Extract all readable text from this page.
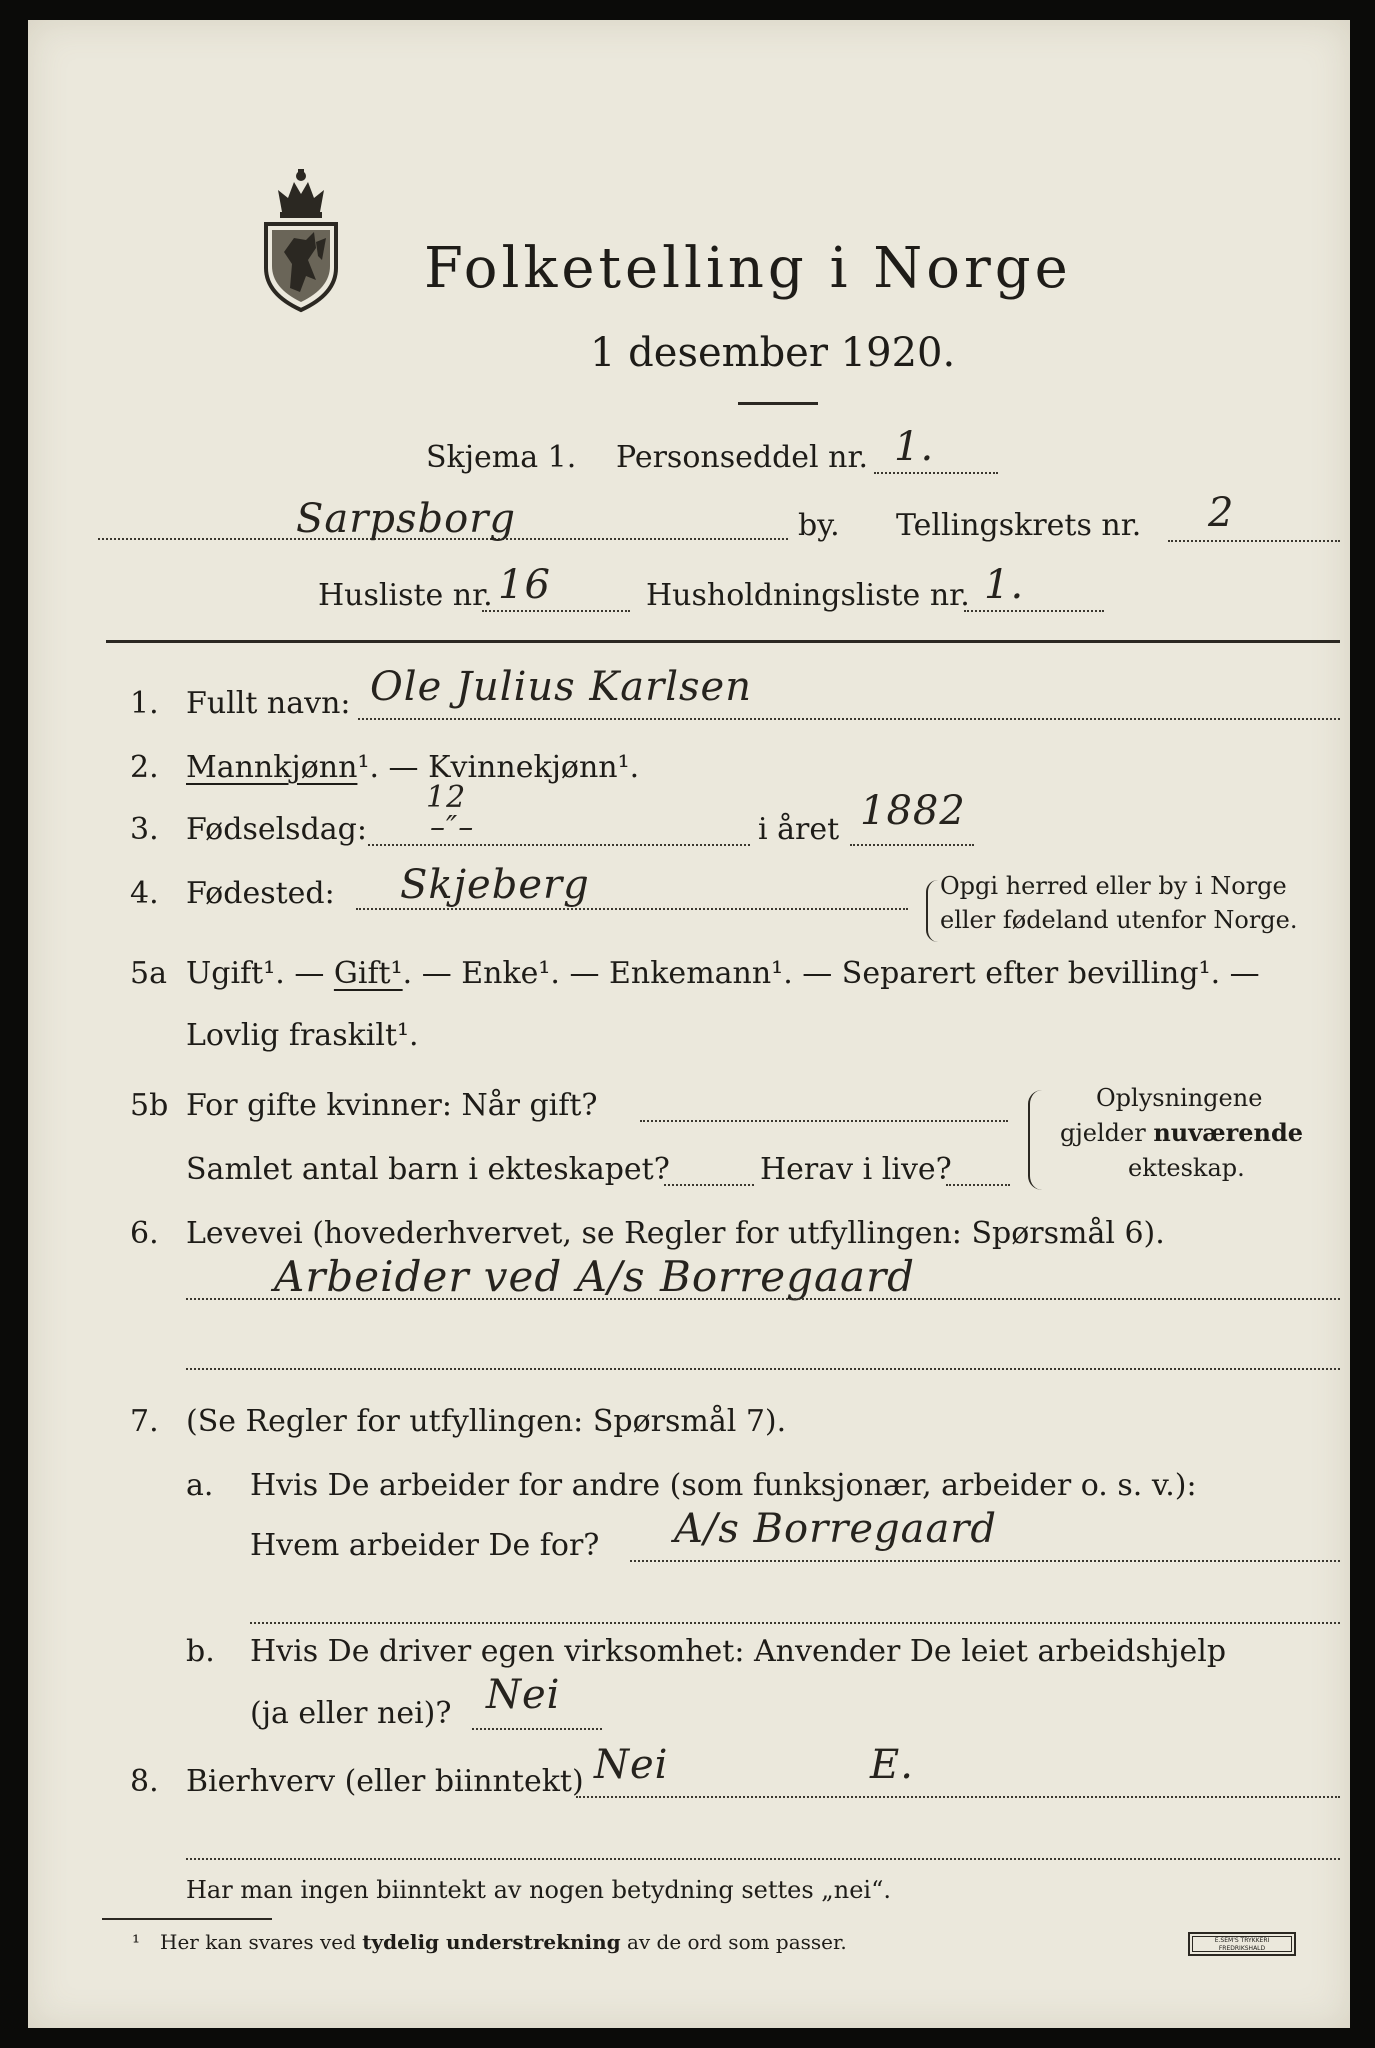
Folketelling i Norge
1 desember 1920.
Skjema 1. Personseddel nr. 1.
Sarpsborg	by. Tellingskrets nr. 2
Husliste nr. 16	Husholdningsliste nr. 1.
1. Fullt navn: Ole Julius Karlsen
2. Mannkjønn¹. — Kvinnekjønn¹.
3. Fødselsdag:
12
–″–	i året 1882
4. Fødested: Skjeberg	Opgi herred eller by i Norge
eller fødeland utenfor Norge.
5a Ugift¹. — Gift¹. — Enke¹. — Enkemann¹. — Separert efter bevilling¹. —
Lovlig fraskilt¹.
5b For gifte kvinner: Når gift?
Samlet antal barn i ekteskapet?	Herav i live?
Oplysningene
gjelder nuværende
ekteskap.
6. Levevei (hovederhvervet, se Regler for utfyllingen: Spørsmål 6).
Arbeider ved A/s Borregaard
7. (Se Regler for utfyllingen: Spørsmål 7).
a. Hvis De arbeider for andre (som funksjonær, arbeider o. s. v.):
Hvem arbeider De for? A/s Borregaard
b. Hvis De driver egen virksomhet: Anvender De leiet arbeidshjelp
(ja eller nei)? Nei
8. Bierhverv (eller biinntekt) Nei	E.
Har man ingen biinntekt av nogen betydning settes „nei“.
¹ Her kan svares ved tydelig understrekning av de ord som passer.	E.SEM'S TRYKKERI
FREDRIKSHALD
